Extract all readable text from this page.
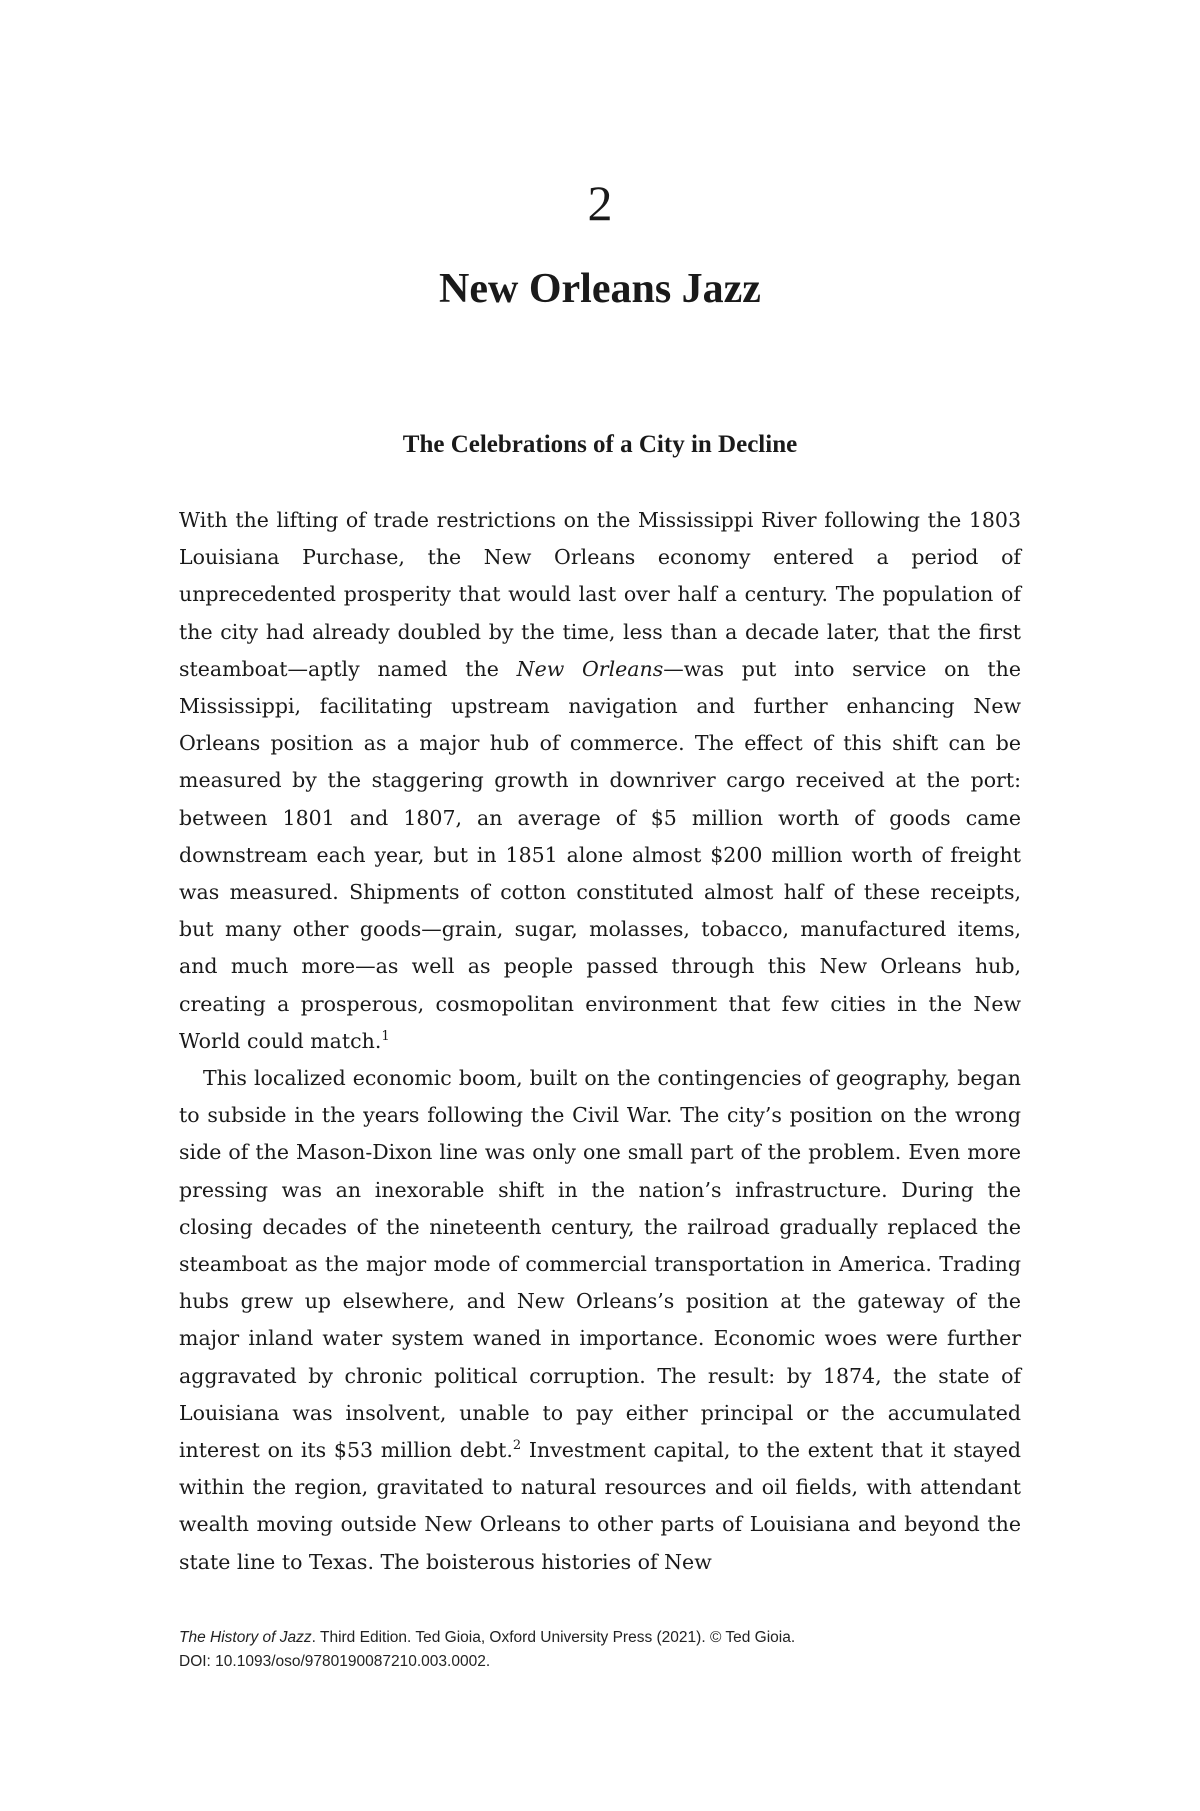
2
New Orleans Jazz
The Celebrations of a City in Decline

With the lifting of trade restrictions on the Mississippi River following the 1803 Louisiana Purchase, the New Orleans economy entered a period of unprecedented prosperity that would last over half a century. The population of the city had already doubled by the time, less than a decade later, that the first steamboat—aptly named the New Orleans—was put into service on the Mississippi, facilitating upstream navigation and further enhancing New Orleans position as a major hub of commerce. The effect of this shift can be measured by the staggering growth in downriver cargo received at the port: between 1801 and 1807, an average of $5 million worth of goods came downstream each year, but in 1851 alone almost $200 million worth of freight was measured. Shipments of cotton constituted almost half of these receipts, but many other goods—grain, sugar, molasses, tobacco, manufactured items, and much more—as well as people passed through this New Orleans hub, creating a prosperous, cosmopolitan environment that few cities in the New World could match.$^1$

This localized economic boom, built on the contingencies of geography, began to subside in the years following the Civil War. The city’s position on the wrong side of the Mason-Dixon line was only one small part of the problem. Even more pressing was an inexorable shift in the nation’s infrastructure. During the closing decades of the nineteenth century, the railroad gradually replaced the steamboat as the major mode of commercial transportation in America. Trading hubs grew up elsewhere, and New Orleans’s position at the gateway of the major inland water system waned in importance. Economic woes were further aggravated by chronic political corruption. The result: by 1874, the state of Louisiana was insolvent, unable to pay either principal or the accumulated interest on its $53 million debt.$^2$ Investment capital, to the extent that it stayed within the region, gravitated to natural resources and oil fields, with attendant wealth moving outside New Orleans to other parts of Louisiana and beyond the state line to Texas. The boisterous histories of New

The History of Jazz. Third Edition. Ted Gioia, Oxford University Press (2021). © Ted Gioia.
DOI: 10.1093/oso/9780190087210.003.0002.
